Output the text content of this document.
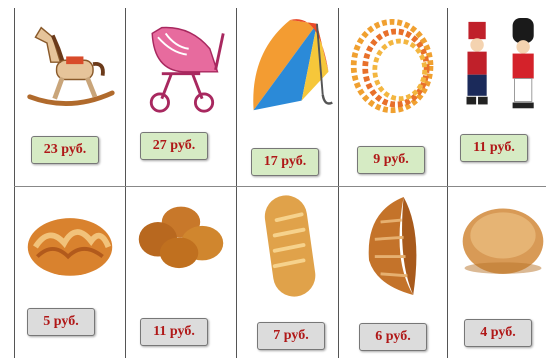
23 руб.	27 руб.
17 руб.	9 руб.
11 руб.
5 руб.
11 руб.	7 руб.	6 руб.	4 руб.
